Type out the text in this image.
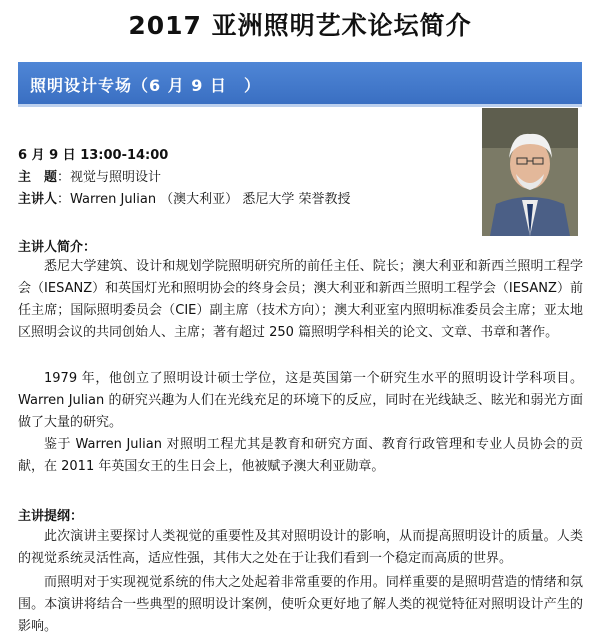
2017 亚洲照明艺术论坛简介
照明设计专场（6 月 9 日　）
6 月 9 日 13:00-14:00
主　题：视觉与照明设计
主讲人：Warren Julian （澳大利亚） 悉尼大学 荣誉教授
主讲人简介：

悉尼大学建筑、设计和规划学院照明研究所的前任主任、院长；澳大利亚和新西兰照明工程学会（IESANZ）和英国灯光和照明协会的终身会员；澳大利亚和新西兰照明工程学会（IESANZ）前任主席；国际照明委员会（CIE）副主席（技术方向）；澳大利亚室内照明标准委员会主席；亚太地区照明会议的共同创始人、主席；著有超过 250 篇照明学科相关的论文、文章、书章和著作。

1979 年，他创立了照明设计硕士学位，这是英国第一个研究生水平的照明设计学科项目。Warren Julian 的研究兴趣为人们在光线充足的环境下的反应，同时在光线缺乏、眩光和弱光方面做了大量的研究。

鉴于 Warren Julian 对照明工程尤其是教育和研究方面、教育行政管理和专业人员协会的贡献，在 2011 年英国女王的生日会上，他被赋予澳大利亚勋章。

主讲提纲：

此次演讲主要探讨人类视觉的重要性及其对照明设计的影响，从而提高照明设计的质量。人类的视觉系统灵活性高，适应性强，其伟大之处在于让我们看到一个稳定而高质的世界。

而照明对于实现视觉系统的伟大之处起着非常重要的作用。同样重要的是照明营造的情绪和氛围。本演讲将结合一些典型的照明设计案例，使听众更好地了解人类的视觉特征对照明设计产生的影响。
